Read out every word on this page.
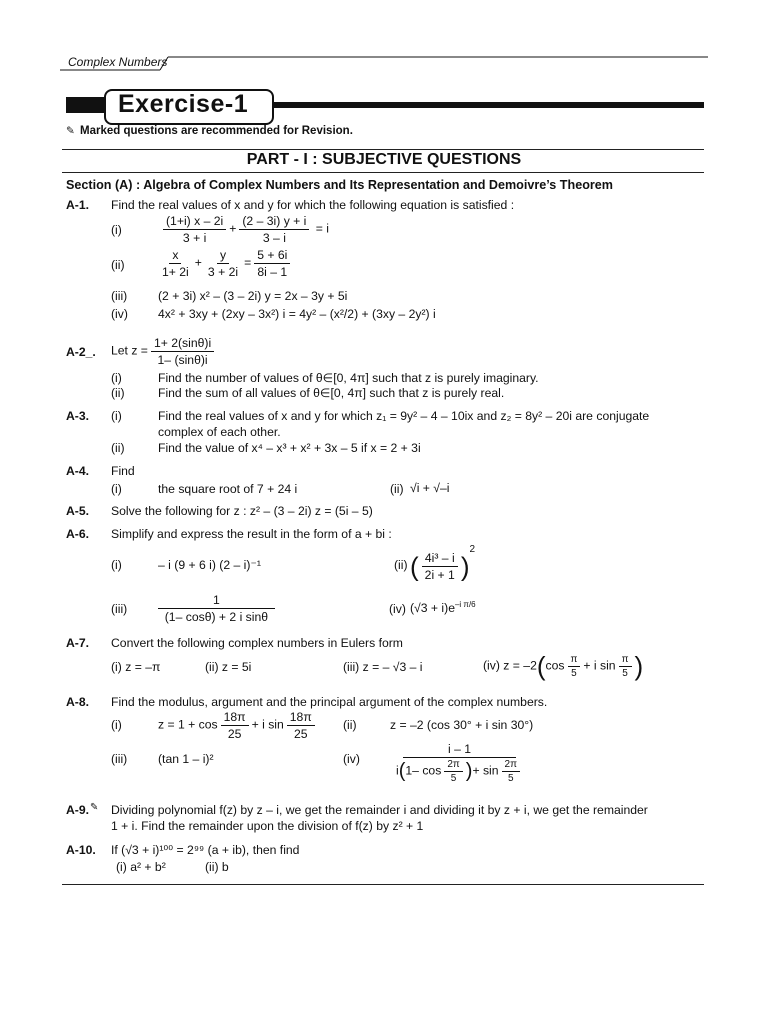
Complex Numbers
Exercise-1
✎ Marked questions are recommended for Revision.
PART - I : SUBJECTIVE QUESTIONS
Section (A) : Algebra of Complex Numbers and Its Representation and Demoivre’s Theorem
A-1. Find the real values of x and y for which the following equation is satisfied :
(i)	$\frac{(1+i) x - 2i}{3 + i} + \frac{(2 - 3i) y + i}{3 - i} = i$
(ii)	$\frac{x}{1+ 2i} + \frac{y}{3 + 2i} = \frac{5 + 6i}{8i - 1}$
(iii)	(2 + 3i) x² – (3 – 2i) y = 2x – 3y + 5i
(iv) 4x² + 3xy + (2xy – 3x²) i = 4y² – (x²/2) + (3xy – 2y²) i
A-2_. Let $z = \frac{1+ 2(\sin\theta)i}{1- (\sin\theta)i}$
(i)	Find the number of values of θ∈[0, 4π] such that z is purely imaginary.
(ii)	Find the sum of all values of θ∈[0, 4π] such that z is purely real.
A-3. (i)	Find the real values of x and y for which z₁ = 9y² – 4 – 10ix and z₂ = 8y² – 20i are conjugate
complex of each other.
(ii)	Find the value of x⁴ – x³ + x² + 3x – 5 if x = 2 + 3i
A-4. Find
(i)	the square root of 7 + 24 i	(ii) √i + √–i
A-5. Solve the following for z : z² – (3 – 2i) z = (5i – 5)
A-6. Simplify and express the result in the form of a + bi :
(i)	– i (9 + 6 i) (2 – i)⁻¹	(ii) ( $\frac{\text{4i³ – i}}{2i + 1} )^2$
(iii)	$\frac{1}{\text{(1– cosθ) + 2 i sinθ}}$	(iv) $(√3 + i)e^{-i \pi/6}$
A-7. Convert the following complex numbers in Eulers form
(i) z = –π	(ii) z = 5i	(iii) z = – √3 – i	(iv) $z = -2(\cos \frac{\pi}{5} + i$ $\sin \frac{\pi}{5}$ )
A-8. Find the modulus, argument and the principal argument of the complex numbers.
(i)	$z = 1 + \cos \frac{18\pi}{25} + i$ $\sin \frac{18\pi}{25} (ii)$	z = –2 (cos 30° + i sin 30°)
(iii)	(tan 1 – i)²	(iv)	$\frac{i - 1}{i(1- \cos \frac{2\pi}{5} )+ \sin \frac{2\pi}{5}}$
A-9. ✎ Dividing polynomial f(z) by z – i, we get the remainder i and dividing it by z + i, we get the remainder
1 + i. Find the remainder upon the division of f(z) by z² + 1
A-10. If (√3 + i)¹⁰⁰ = 2⁹⁹ (a + ib), then find
(i) a² + b²	(ii) b
